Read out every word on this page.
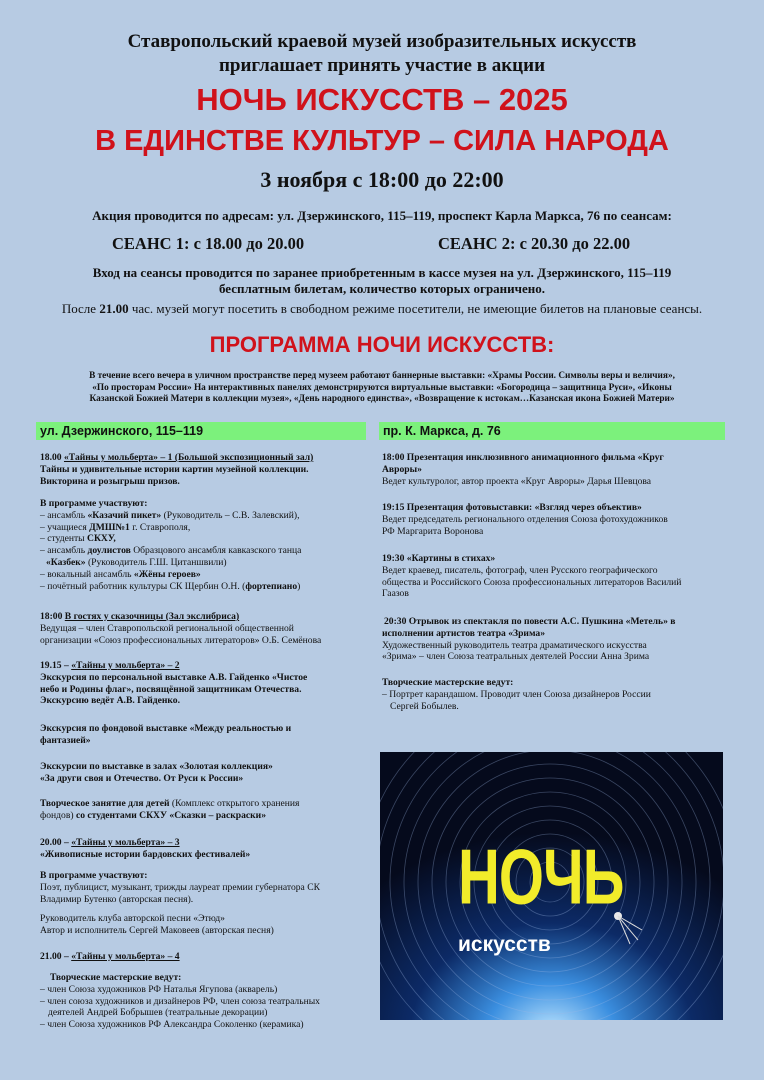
Ставропольский краевой музей изобразительных искусств
приглашает принять участие в акции
НОЧЬ ИСКУССТВ – 2025
В ЕДИНСТВЕ КУЛЬТУР – СИЛА НАРОДА
3 ноября с 18:00 до 22:00
Акция проводится по адресам: ул. Дзержинского, 115–119, проспект Карла Маркса, 76 по сеансам:
СЕАНС 1: с 18.00 до 20.00	СЕАНС 2: с 20.30 до 22.00
Вход на сеансы проводится по заранее приобретенным в кассе музея на ул. Дзержинского, 115–119
бесплатным билетам, количество которых ограничено.
После 21.00 час. музей могут посетить в свободном режиме посетители, не имеющие билетов на плановые сеансы.
ПРОГРАММА НОЧИ ИСКУССТВ:
В течение всего вечера в уличном пространстве перед музеем работают баннерные выставки: «Храмы России. Символы веры и величия»,
«По просторам России» На интерактивных панелях демонстрируются виртуальные выставки: «Богородица – защитница Руси», «Иконы
Казанской Божией Матери в коллекции музея», «День народного единства», «Возвращение к истокам…Казанская икона Божией Матери»
ул. Дзержинского, 115–119	пр. К. Маркса, д. 76

18.00 «Тайны у мольберта» – 1 (Большой экспозиционный зал)

Тайны и удивительные истории картин музейной коллекции.

Викторина и розыгрыш призов.

В программе участвуют:

– ансамбль «Казачий пикет» (Руководитель – С.В. Залевский),

– учащиеся ДМШ№1 г. Ставрополя,

– студенты СКХУ,

– ансамбль доулистов Образцового ансамбля кавказского танца

«Казбек» (Руководитель Г.Ш. Цитаншвили)

– вокальный ансамбль «Жёны героев»

– почётный работник культуры СК Щербин О.Н. (фортепиано)

18:00 В гостях у сказочницы (Зал экслибриса)

Ведущая – член Ставропольской региональной общественной

организации «Союз профессиональных литераторов» О.Б. Семёнова

19.15 – «Тайны у мольберта» – 2

Экскурсия по персональной выставке А.В. Гайденко «Чистое

небо и Родины флаг», посвящённой защитникам Отечества.

Экскурсию ведёт А.В. Гайденко.

Экскурсия по фондовой выставке «Между реальностью и

фантазией»

Экскурсии по выставке в залах «Золотая коллекция»

«За други своя и Отечество. От Руси к России»

Творческое занятие для детей (Комплекс открытого хранения

фондов) со студентами СКХУ «Сказки – раскраски»

20.00 – «Тайны у мольберта» – 3

«Живописные истории бардовских фестивалей»

В программе участвуют:

Поэт, публицист, музыкант, трижды лауреат премии губернатора СК

Владимир Бутенко (авторская песня).

Руководитель клуба авторской песни «Этюд»

Автор и исполнитель Сергей Маковеев (авторская песня)

21.00 – «Тайны у мольберта» – 4

Творческие мастерские ведут:

– член Союза художников РФ Наталья Ягупова (акварель)

– член союза художников и дизайнеров РФ, член союза театральных

деятелей Андрей Бобрышев (театральные декорации)

– член Союза художников РФ Александра Соколенко (керамика)

18:00 Презентация инклюзивного анимационного фильма «Круг

Авроры»

Ведет культуролог, автор проекта «Круг Авроры» Дарья Шевцова

19:15 Презентация фотовыставки: «Взгляд через объектив»

Ведет председатель регионального отделения Союза фотохудожников

РФ Маргарита Воронова

19:30 «Картины в стихах»

Ведет краевед, писатель, фотограф, член Русского географического

общества и Российского Союза профессиональных литераторов Василий

Гаазов

20:30 Отрывок из спектакля по повести А.С. Пушкина «Метель» в

исполнении артистов театра «Зрима»

Художественный руководитель театра драматического искусства

«Зрима» – член Союза театральных деятелей России Анна Зрима

Творческие мастерские ведут:

– Портрет карандашом. Проводит член Союза дизайнеров России

Сергей Бобылев.

НОЧЬ
искусств
